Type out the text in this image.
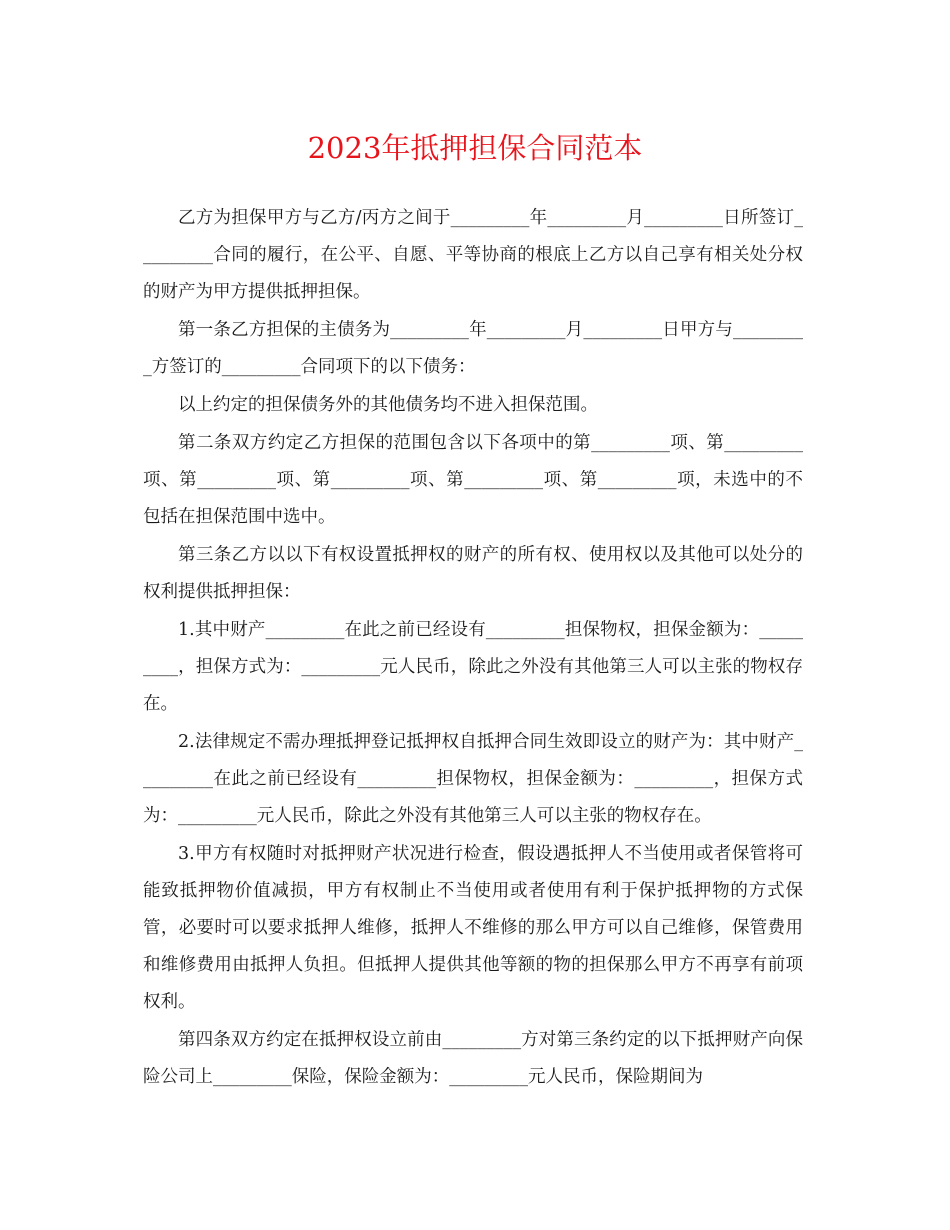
2023年抵押担保合同范本

乙方为担保甲方与乙方/丙方之间于_________年_________月_________日所签订_________合同的履行，在公平、自愿、平等协商的根底上乙方以自己享有相关处分权的财产为甲方提供抵押担保。

第一条乙方担保的主债务为_________年_________月_________日甲方与_________方签订的_________合同项下的以下债务：

以上约定的担保债务外的其他债务均不进入担保范围。

第二条双方约定乙方担保的范围包含以下各项中的第_________项、第_________项、第_________项、第_________项、第_________项、第_________项，未选中的不包括在担保范围中选中。

第三条乙方以以下有权设置抵押权的财产的所有权、使用权以及其他可以处分的权利提供抵押担保：

1.其中财产_________在此之前已经设有_________担保物权，担保金额为：_________，担保方式为：_________元人民币，除此之外没有其他第三人可以主张的物权存在。

2.法律规定不需办理抵押登记抵押权自抵押合同生效即设立的财产为：其中财产_________在此之前已经设有_________担保物权，担保金额为：_________，担保方式为：_________元人民币，除此之外没有其他第三人可以主张的物权存在。

3.甲方有权随时对抵押财产状况进行检查，假设遇抵押人不当使用或者保管将可能致抵押物价值减损，甲方有权制止不当使用或者使用有利于保护抵押物的方式保管，必要时可以要求抵押人维修，抵押人不维修的那么甲方可以自己维修，保管费用和维修费用由抵押人负担。但抵押人提供其他等额的物的担保那么甲方不再享有前项权利。

第四条双方约定在抵押权设立前由_________方对第三条约定的以下抵押财产向保险公司上_________保险，保险金额为：_________元人民币，保险期间为
